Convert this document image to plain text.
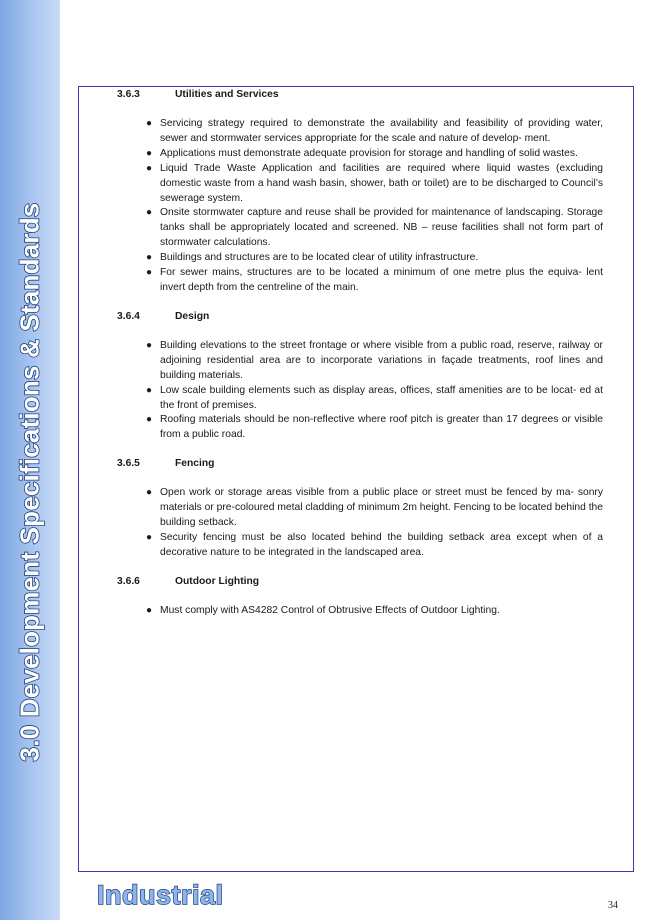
3.0 Development Specifications & Standards
3.6.3	Utilities and Services
● Servicing strategy required to demonstrate the availability and feasibility of providing water, sewer and stormwater services appropriate for the scale and nature of develop- ment.
● Applications must demonstrate adequate provision for storage and handling of solid wastes.
● Liquid Trade Waste Application and facilities are required where liquid wastes (excluding domestic waste from a hand wash basin, shower, bath or toilet) are to be discharged to Council’s sewerage system.
● Onsite stormwater capture and reuse shall be provided for maintenance of landscaping. Storage tanks shall be appropriately located and screened. NB – reuse facilities shall not form part of stormwater calculations.
● Buildings and structures are to be located clear of utility infrastructure.
● For sewer mains, structures are to be located a minimum of one metre plus the equiva- lent invert depth from the centreline of the main.
3.6.4	Design
● Building elevations to the street frontage or where visible from a public road, reserve, railway or adjoining residential area are to incorporate variations in façade treatments, roof lines and building materials.
● Low scale building elements such as display areas, offices, staff amenities are to be locat- ed at the front of premises.
● Roofing materials should be non-reflective where roof pitch is greater than 17 degrees or visible from a public road.
3.6.5	Fencing
● Open work or storage areas visible from a public place or street must be fenced by ma- sonry materials or pre-coloured metal cladding of minimum 2m height. Fencing to be located behind the building setback.
● Security fencing must be also located behind the building setback area except when of a decorative nature to be integrated in the landscaped area.
3.6.6	Outdoor Lighting
● Must comply with AS4282 Control of Obtrusive Effects of Outdoor Lighting.
Industrial	34
